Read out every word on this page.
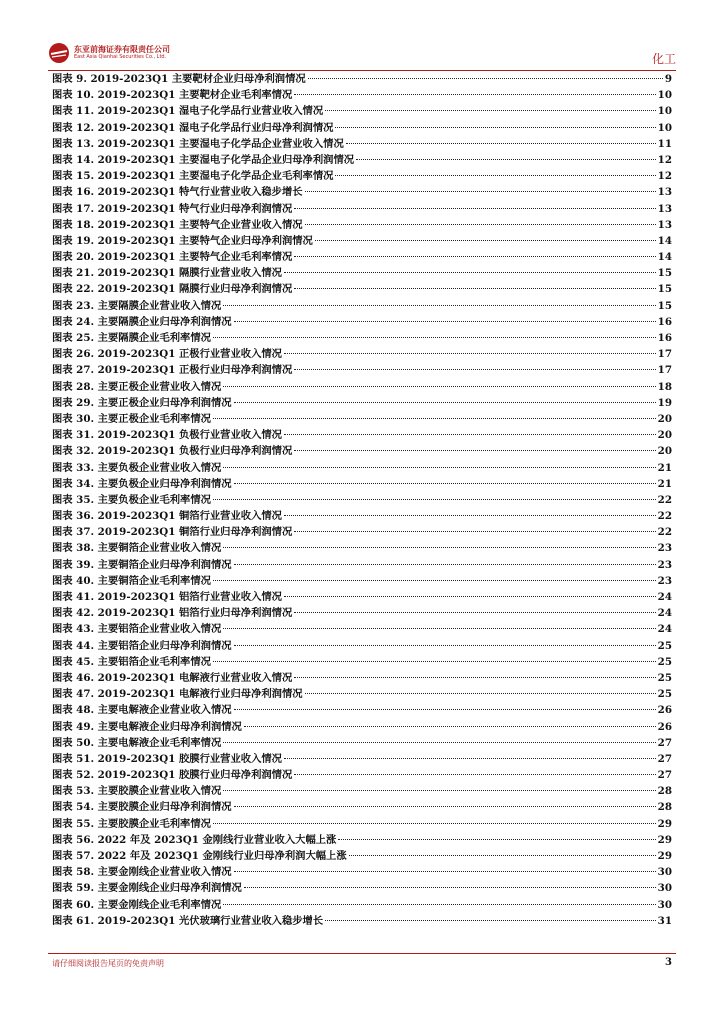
东亚前海证券有限责任公司
East Asia Qianhai Securities Co., Ltd.	化工
图表 9. 2019-2023Q1 主要靶材企业归母净利润情况	9
图表 10. 2019-2023Q1 主要靶材企业毛利率情况	10
图表 11. 2019-2023Q1 湿电子化学品行业营业收入情况	10
图表 12. 2019-2023Q1 湿电子化学品行业归母净利润情况	10
图表 13. 2019-2023Q1 主要湿电子化学品企业营业收入情况	11
图表 14. 2019-2023Q1 主要湿电子化学品企业归母净利润情况	12
图表 15. 2019-2023Q1 主要湿电子化学品企业毛利率情况	12
图表 16. 2019-2023Q1 特气行业营业收入稳步增长	13
图表 17. 2019-2023Q1 特气行业归母净利润情况	13
图表 18. 2019-2023Q1 主要特气企业营业收入情况	13
图表 19. 2019-2023Q1 主要特气企业归母净利润情况	14
图表 20. 2019-2023Q1 主要特气企业毛利率情况	14
图表 21. 2019-2023Q1 隔膜行业营业收入情况	15
图表 22. 2019-2023Q1 隔膜行业归母净利润情况	15
图表 23. 主要隔膜企业营业收入情况	15
图表 24. 主要隔膜企业归母净利润情况	16
图表 25. 主要隔膜企业毛利率情况	16
图表 26. 2019-2023Q1 正极行业营业收入情况	17
图表 27. 2019-2023Q1 正极行业归母净利润情况	17
图表 28. 主要正极企业营业收入情况	18
图表 29. 主要正极企业归母净利润情况	19
图表 30. 主要正极企业毛利率情况	20
图表 31. 2019-2023Q1 负极行业营业收入情况	20
图表 32. 2019-2023Q1 负极行业归母净利润情况	20
图表 33. 主要负极企业营业收入情况	21
图表 34. 主要负极企业归母净利润情况	21
图表 35. 主要负极企业毛利率情况	22
图表 36. 2019-2023Q1 铜箔行业营业收入情况	22
图表 37. 2019-2023Q1 铜箔行业归母净利润情况	22
图表 38. 主要铜箔企业营业收入情况	23
图表 39. 主要铜箔企业归母净利润情况	23
图表 40. 主要铜箔企业毛利率情况	23
图表 41. 2019-2023Q1 铝箔行业营业收入情况	24
图表 42. 2019-2023Q1 铝箔行业归母净利润情况	24
图表 43. 主要铝箔企业营业收入情况	24
图表 44. 主要铝箔企业归母净利润情况	25
图表 45. 主要铝箔企业毛利率情况	25
图表 46. 2019-2023Q1 电解液行业营业收入情况	25
图表 47. 2019-2023Q1 电解液行业归母净利润情况	25
图表 48. 主要电解液企业营业收入情况	26
图表 49. 主要电解液企业归母净利润情况	26
图表 50. 主要电解液企业毛利率情况	27
图表 51. 2019-2023Q1 胶膜行业营业收入情况	27
图表 52. 2019-2023Q1 胶膜行业归母净利润情况	27
图表 53. 主要胶膜企业营业收入情况	28
图表 54. 主要胶膜企业归母净利润情况	28
图表 55. 主要胶膜企业毛利率情况	29
图表 56. 2022 年及 2023Q1 金刚线行业营业收入大幅上涨	29
图表 57. 2022 年及 2023Q1 金刚线行业归母净利润大幅上涨	29
图表 58. 主要金刚线企业营业收入情况	30
图表 59. 主要金刚线企业归母净利润情况	30
图表 60. 主要金刚线企业毛利率情况	30
图表 61. 2019-2023Q1 光伏玻璃行业营业收入稳步增长	31
请仔细阅读报告尾页的免责声明	3
